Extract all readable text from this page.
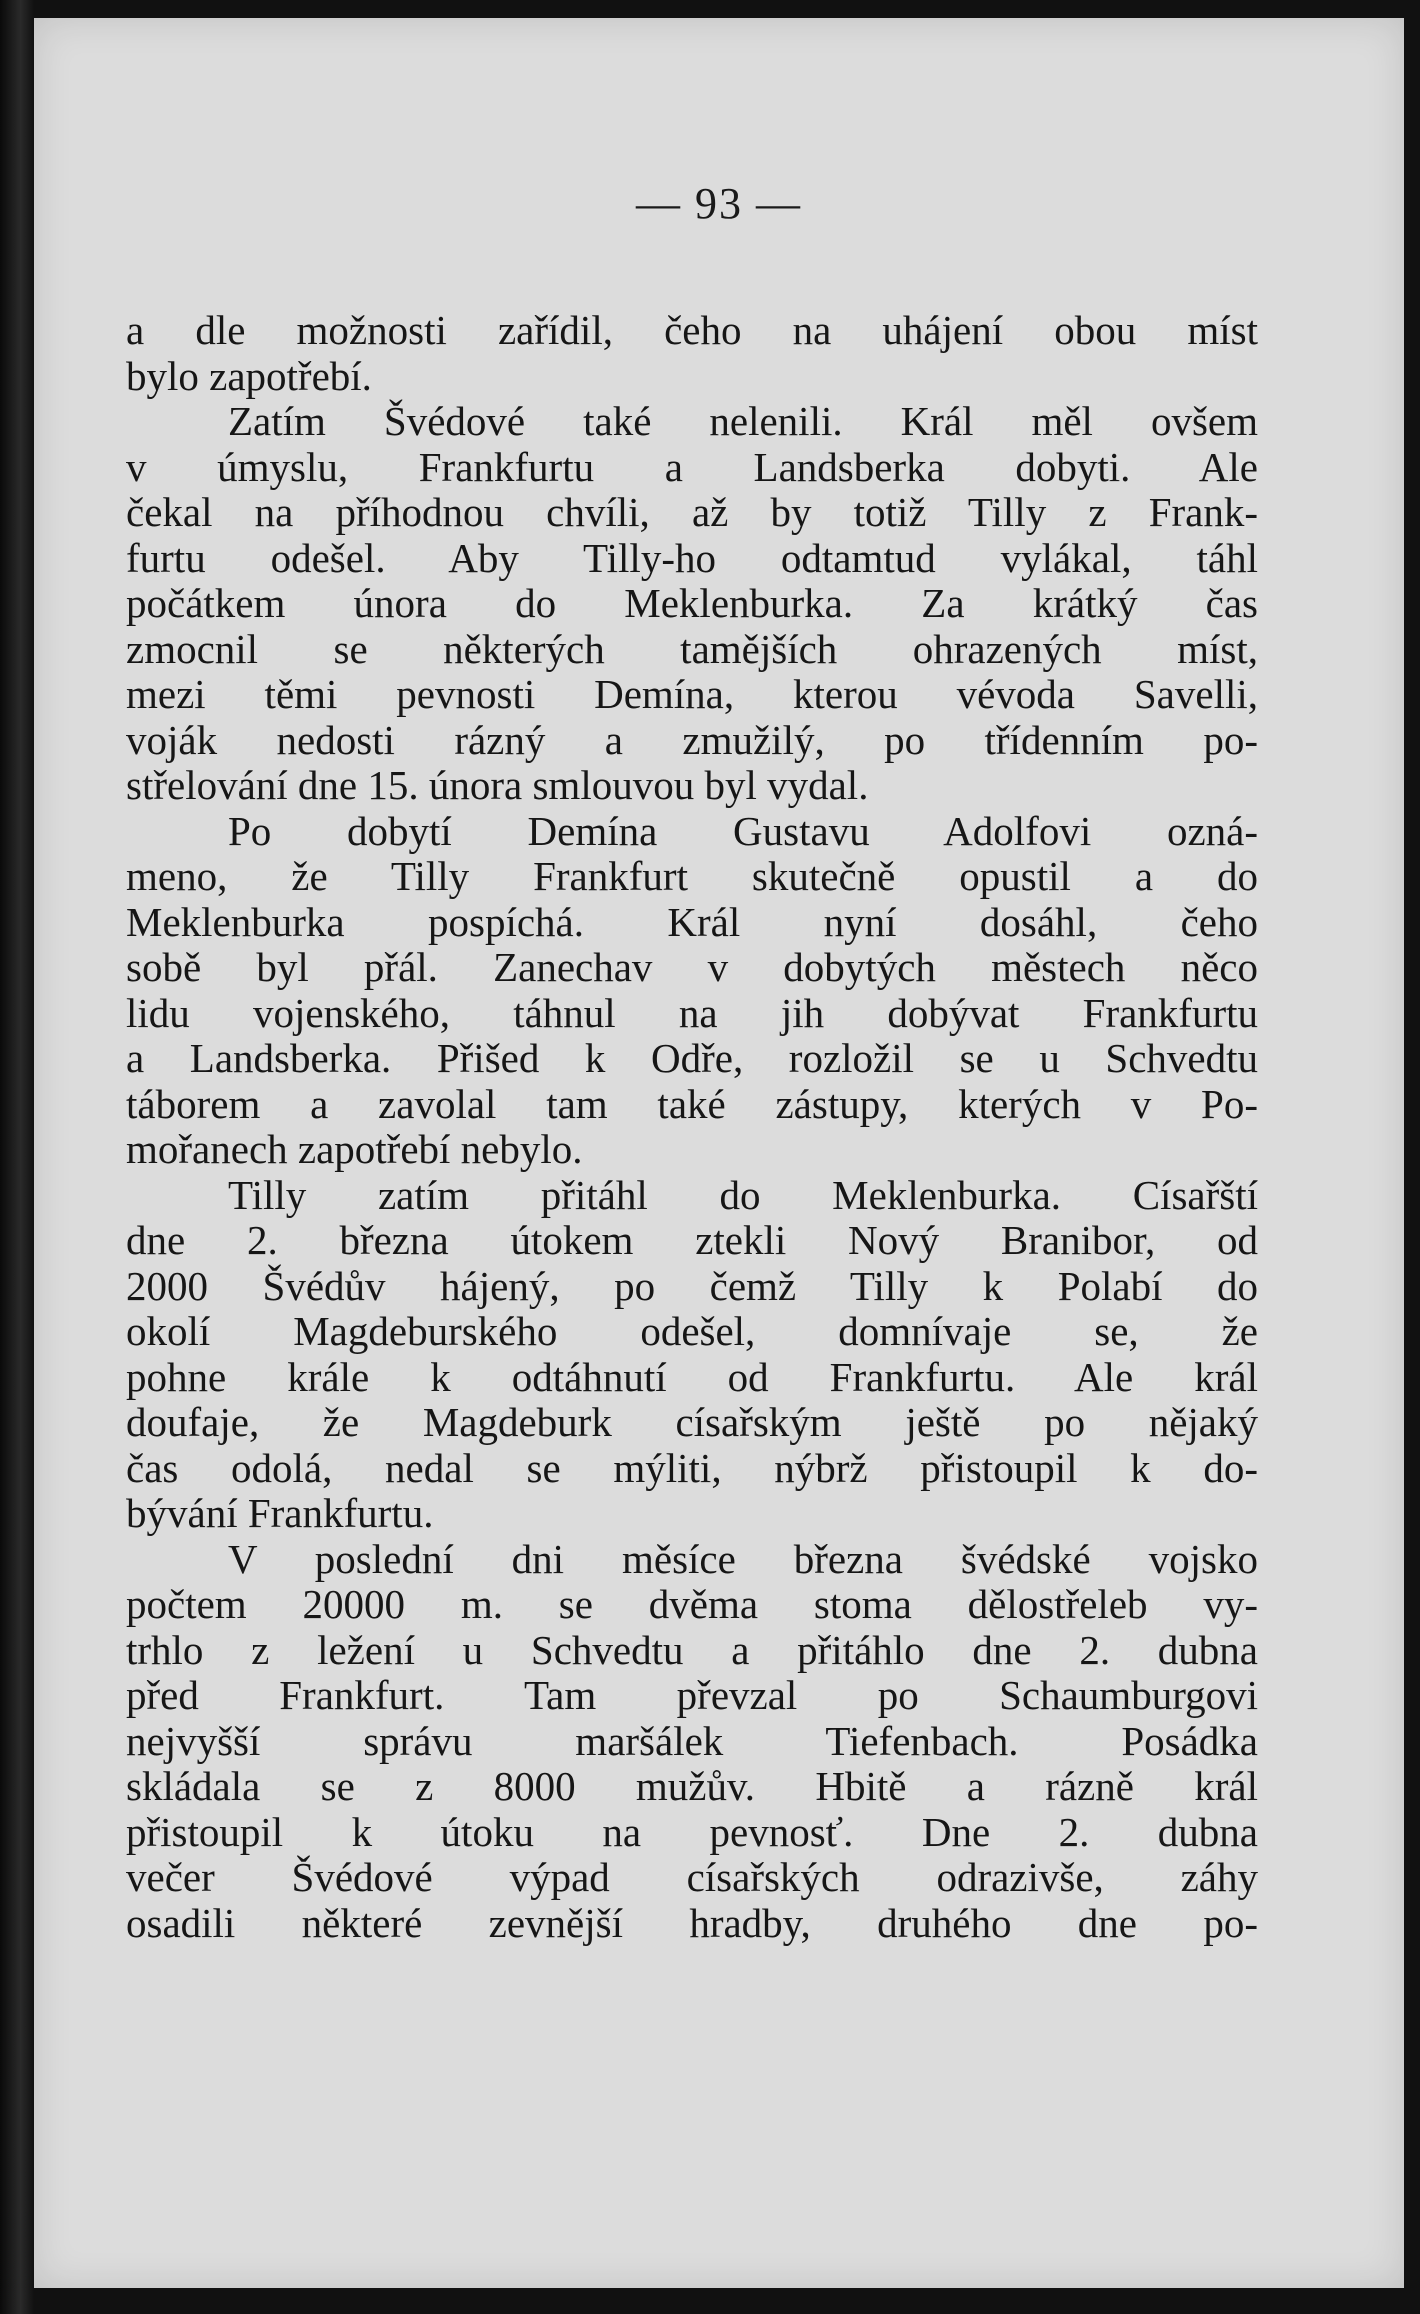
— 93 —
a dle možnosti zařídil, čeho na uhájení obou míst
bylo zapotřebí.
Zatím Švédové také nelenili. Král měl ovšem
v úmyslu, Frankfurtu a Landsberka dobyti. Ale
čekal na příhodnou chvíli, až by totiž Tilly z Frank-
furtu odešel. Aby Tilly-ho odtamtud vylákal, táhl
počátkem února do Meklenburka. Za krátký čas
zmocnil se některých tamějších ohrazených míst,
mezi těmi pevnosti Demína, kterou vévoda Savelli,
voják nedosti rázný a zmužilý, po třídenním po-
střelování dne 15. února smlouvou byl vydal.
Po dobytí Demína Gustavu Adolfovi ozná-
meno, že Tilly Frankfurt skutečně opustil a do
Meklenburka pospíchá. Král nyní dosáhl, čeho
sobě byl přál. Zanechav v dobytých městech něco
lidu vojenského, táhnul na jih dobývat Frankfurtu
a Landsberka. Přišed k Odře, rozložil se u Schvedtu
táborem a zavolal tam také zástupy, kterých v Po-
mořanech zapotřebí nebylo.
Tilly zatím přitáhl do Meklenburka. Císařští
dne 2. března útokem ztekli Nový Branibor, od
2000 Švédův hájený, po čemž Tilly k Polabí do
okolí Magdeburského odešel, domnívaje se, že
pohne krále k odtáhnutí od Frankfurtu. Ale král
doufaje, že Magdeburk císařským ještě po nějaký
čas odolá, nedal se mýliti, nýbrž přistoupil k do-
bývání Frankfurtu.
V poslední dni měsíce března švédské vojsko
počtem 20000 m. se dvěma stoma dělostřeleb vy-
trhlo z ležení u Schvedtu a přitáhlo dne 2. dubna
před Frankfurt. Tam převzal po Schaumburgovi
nejvyšší správu maršálek Tiefenbach. Posádka
skládala se z 8000 mužův. Hbitě a rázně král
přistoupil k útoku na pevnosť. Dne 2. dubna
večer Švédové výpad císařských odrazivše, záhy
osadili některé zevnější hradby, druhého dne po-
